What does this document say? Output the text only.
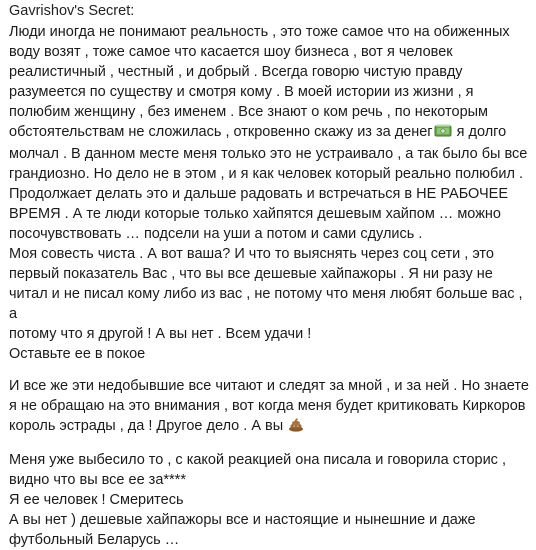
Gavrishov's Secret:

Люди иногда не понимают реальность , это тоже самое что на обиженных
воду возят , тоже самое что касается шоу бизнеса , вот я человек
реалистичный , честный , и добрый . Всегда говорю чистую правду
разумеется по существу и смотря кому . В моей истории из жизни , я
полюбим женщину , без именем . Все знают о ком речь , по некоторым
обстоятельствам не сложилась , откровенно скажу из за денег я долго
молчал . В данном месте меня только это не устраивало , а так было бы все
грандиозно. Но дело не в этом , и я как человек который реально полюбил .
Продолжает делать это и дальше радовать и встречаться в НЕ РАБОЧЕЕ
ВРЕМЯ . А те люди которые только хайпятся дешевым хайпом … можно
посочувствовать … подсели на уши а потом и сами сдулись .
Моя совесть чиста . А вот ваша? И что то выяснять через соц сети , это
первый показатель Вас , что вы все дешевые хайпажоры . Я ни разу не
читал и не писал кому либо из вас , не потому что меня любят больше вас , а
потому что я другой ! А вы нет . Всем удачи !
Оставьте ее в покое

И все же эти недобывшие все читают и следят за мной , и за ней . Но знаете
я не обращаю на это внимания , вот когда меня будет критиковать Киркоров
король эстрады , да ! Другое дело . А вы

Меня уже выбесило то , с какой реакцией она писала и говорила сторис ,
видно что вы все ее за****
Я ее человек ! Смеритесь
А вы нет ) дешевые хайпажоры все и настоящие и нынешние и даже
футбольный Беларусь …
